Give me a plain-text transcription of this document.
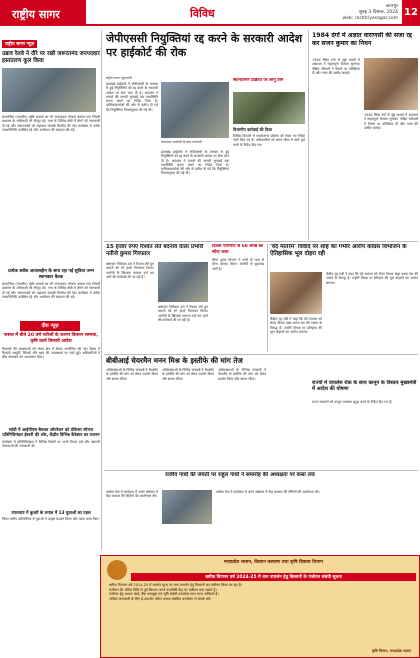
राष्ट्रीय सागर	विविध
छतरपुर
सुबह 3 दिसंबर, 2024
web: rashtriyasagar.com
12
राष्ट्रीय सागर न्यूज़
उन्नाव रेलवे ने दौरे पर रखी जरूरतमंद जनपदवार हस्तांतरण कूल किया
सामाजिक (मानवीय) कृषि उत्सवों का भी जनपदवार योजना बनाया गया जिसमें प्रशासन के अधिकारी भी मौजूद रहे। नगर के विभिन्न क्षेत्रों में लोगों को जानकारी दी गई और जरूरतमंदों को सहायता सामग्री वितरित की गई। कार्यक्रम में अनेक जनप्रतिनिधि उपस्थित रहे और आयोजन की सराहना की गई।
प्रत्येक ब्लॉक आवासहीन के साथ रहा नई सुविधा जन्म स्थानकार बैठक
सामाजिक (मानवीय) कृषि उत्सवों का भी जनपदवार योजना बनाया गया जिसमें प्रशासन के अधिकारी भी मौजूद रहे। नगर के विभिन्न क्षेत्रों में लोगों को जानकारी दी गई और जरूरतमंदों को सहायता सामग्री वितरित की गई। कार्यक्रम में अनेक जनप्रतिनिधि उपस्थित रहे और आयोजन की सराहना की गई।
दौरा न्यूज़
फसल में बीते 20 वर्ष नतीजों के कारण किसान समस्या, कृषि कार्य बिजली आदेश
किसानों की समस्याओं को लेकर क्षेत्र में बैठक आयोजित की गई। बैठक में बिजली आपूर्ति, सिंचाई और खाद की उपलब्धता पर चर्चा हुई। अधिकारियों ने शीघ्र समाधान का आश्वासन दिया।
सांची में आईपीएस बैरूका ओपरेशन को प्रोफेसर सोनाय प्रतिनिधिमंडल ईश्वरी की ओर, केंद्रीय विभिन्न कैरेक्टर का प्रजनन
कार्यक्रम में प्रतिनिधिमंडल ने विभिन्न विषयों पर अपने विचार रखे और आगामी योजनाओं की जानकारी दी।
उपाध्याय में कुश्ती के लगाव में 13 युवाओं का एडल
जिला स्तरीय प्रतियोगिता में युवाओं ने उत्कृष्ट प्रदर्शन किया और पदक प्राप्त किए।
जेपीएससी नियुक्तियां रद्द करने के सरकारी आदेश पर हाईकोर्ट की रोक
राष्ट्रीय सागर न्यूज़/रांची
झारखंड हाईकोर्ट ने जेपीएससी के माध्यम से हुई नियुक्तियों को रद्द करने के सरकारी आदेश पर रोक लगा दी है। अदालत ने मामले की अगली सुनवाई तक यथास्थिति बनाए रखने का निर्देश दिया है। याचिकाकर्ताओं की ओर से दलील दी गई कि नियुक्तियां नियमानुसार की गई थीं।
जलभराव अवरोधों के साथ कर्मचारी
झारखंड हाईकोर्ट ने जेपीएससी के माध्यम से हुई नियुक्तियों को रद्द करने के सरकारी आदेश पर रोक लगा दी है। अदालत ने मामले की अगली सुनवाई तक यथास्थिति बनाए रखने का निर्देश दिया है। याचिकाकर्ताओं की ओर से दलील दी गई कि नियुक्तियां नियमानुसार की गई थीं।
स्थानांतरण प्रक्रिया पर लागू तीन
विभागीय कार्रवाई की दिशा
विभिन्न विभागों में स्थानांतरण प्रक्रिया को लेकर नए निर्देश जारी किए गए हैं। अधिकारियों को समय सीमा में कार्य पूर्ण करने के निर्देश दिए गए।
1984 दंगों में अज्ञात वाराणसी की सजा रद्द कर सजन कुमार का निधन
1984 सिख दंगों से जुड़े मामले में अदालत ने महत्वपूर्ण फैसला सुनाया। पीड़ित परिवारों ने फैसले पर प्रतिक्रिया दी और न्याय की उम्मीद जताई।
1984 सिख दंगों से जुड़े मामले में अदालत ने महत्वपूर्ण फैसला सुनाया। पीड़ित परिवारों ने फैसले पर प्रतिक्रिया दी और न्याय की उम्मीद जताई।
15 हजार रुपए रिश्वत लेते बंदनांव वाला प्रभारी नतीजे कुमार गिरफ्तार
भ्रष्टाचार निरोधक दल ने रिश्वत लेते हुए प्रभारी को रंगे हाथों गिरफ्तार किया। आरोपी के खिलाफ मामला दर्ज कर आगे की कार्रवाई की जा रही है।
भ्रष्टाचार निरोधक दल ने रिश्वत लेते हुए प्रभारी को रंगे हाथों गिरफ्तार किया। आरोपी के खिलाफ मामला दर्ज कर आगे की कार्रवाई की जा रही है।
दिल्ली एयरपोर्ट से 68 लाख का सोना जब्त
सीमा शुल्क विभाग ने यात्री के पास से सोना बरामद किया। आरोपी से पूछताछ जारी है।
'वंदे मातरम' विवाद पर शाह का गंभीर आरोप कांग्रेस विभाजन के ऐतिहासिक भूल दोहरा रही
केंद्रीय गृह मंत्री ने कहा कि वंदे मातरम को लेकर विवाद खड़ा करना देश की एकता के विरुद्ध है। उन्होंने विपक्ष पर इतिहास की भूल दोहराने का आरोप लगाया।
केंद्रीय गृह मंत्री ने कहा कि वंदे मातरम को लेकर विवाद खड़ा करना देश की एकता के विरुद्ध है। उन्होंने विपक्ष पर इतिहास की भूल दोहराने का आरोप लगाया।
बीबीआई चेयरमैन मनन मिश्र के इस्तीफे की मांग तेज
अधिवक्ताओं के विभिन्न संगठनों ने चेयरमैन के इस्तीफे की मांग को लेकर प्रदर्शन किया और ज्ञापन सौंपा।
अधिवक्ताओं के विभिन्न संगठनों ने चेयरमैन के इस्तीफे की मांग को लेकर प्रदर्शन किया और ज्ञापन सौंपा।
अधिवक्ताओं के विभिन्न संगठनों ने चेयरमैन के इस्तीफे की मांग को लेकर प्रदर्शन किया और ज्ञापन सौंपा।
राज्यों में वायलेंस रोक के साथ कानून के विस्तार मुख्यमंत्री में आदेश की घोषणा
राज्य सरकारों को कानून व्यवस्था सुदृढ़ करने के निर्देश दिए गए हैं।
राजीव गांधी की जयंती पर राहुल गांधी ने समारोह की अध्यक्षता पर कसा तंज
कांग्रेस नेता ने कार्यक्रम में अपने संबोधन में केंद्र सरकार की नीतियों की आलोचना की।
कांग्रेस नेता ने कार्यक्रम में अपने संबोधन में केंद्र सरकार की नीतियों की आलोचना की।
मध्यप्रदेश शासन, किसान कल्याण तथा कृषि विकास विभाग
खरीफ विपणन वर्ष 2024-25 में धान उपार्जन हेतु किसानों के पंजीयन संबंधी सूचना
खरीफ विपणन वर्ष 2024-25 में समर्थन मूल्य पर धान उपार्जन हेतु किसानों का पंजीयन किया जा रहा है।
पंजीयन की अंतिम तिथि से पूर्व किसान अपने नजदीकी केंद्र पर पंजीयन करा सकते हैं।
पंजीयन हेतु आधार कार्ड, बैंक पासबुक एवं भूमि संबंधी दस्तावेज साथ लाना अनिवार्य है।
अधिक जानकारी के लिए ई-उपार्जन पोर्टल अथवा संबंधित कार्यालय से संपर्क करें।
कृषि विभाग, मध्यप्रदेश शासन
